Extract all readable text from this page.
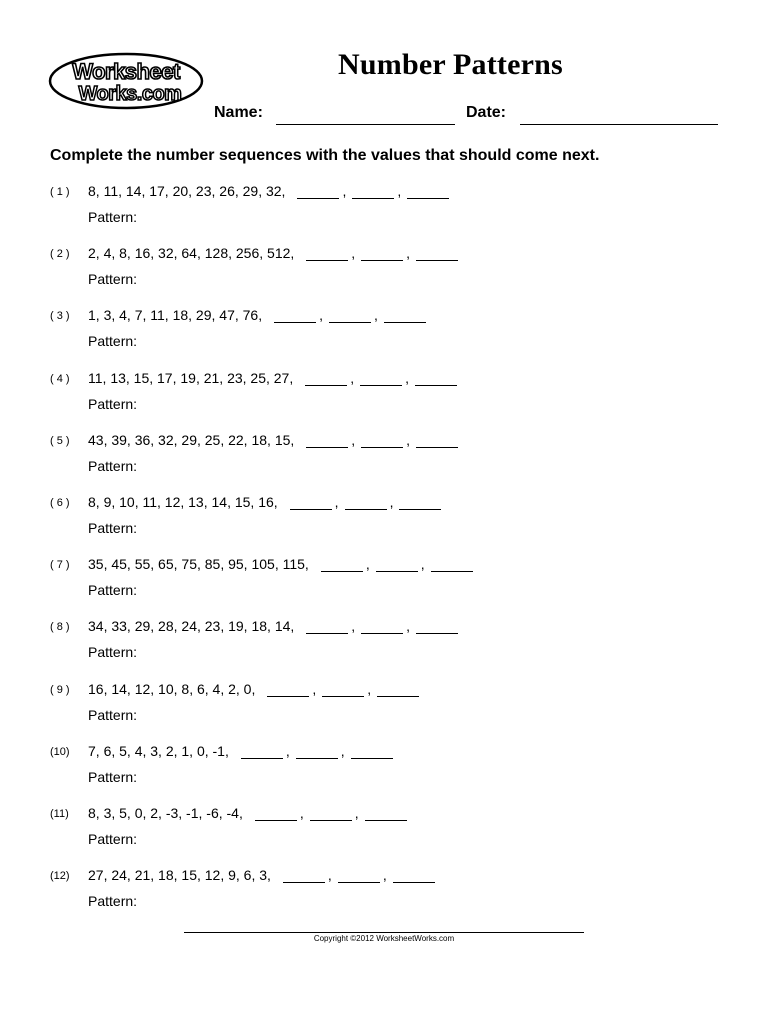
Worksheet
Works.com
Number Patterns
Name:	Date:
Complete the number sequences with the values that should come next.
( 1 ) 8, 11, 14, 17, 20, 23, 26, 29, 32,	,	,
Pattern:
( 2 ) 2, 4, 8, 16, 32, 64, 128, 256, 512,	,	,
Pattern:
( 3 ) 1, 3, 4, 7, 11, 18, 29, 47, 76,	,	,
Pattern:
( 4 ) 11, 13, 15, 17, 19, 21, 23, 25, 27,	,	,
Pattern:
( 5 ) 43, 39, 36, 32, 29, 25, 22, 18, 15,	,	,
Pattern:
( 6 ) 8, 9, 10, 11, 12, 13, 14, 15, 16,	,	,
Pattern:
( 7 ) 35, 45, 55, 65, 75, 85, 95, 105, 115,	,	,
Pattern:
( 8 ) 34, 33, 29, 28, 24, 23, 19, 18, 14,	,	,
Pattern:
( 9 ) 16, 14, 12, 10, 8, 6, 4, 2, 0,	,	,
Pattern:
(10) 7, 6, 5, 4, 3, 2, 1, 0, -1,	,	,
Pattern:
(11) 8, 3, 5, 0, 2, -3, -1, -6, -4,	,	,
Pattern:
(12) 27, 24, 21, 18, 15, 12, 9, 6, 3,	,	,
Pattern:
Copyright ©2012 WorksheetWorks.com
